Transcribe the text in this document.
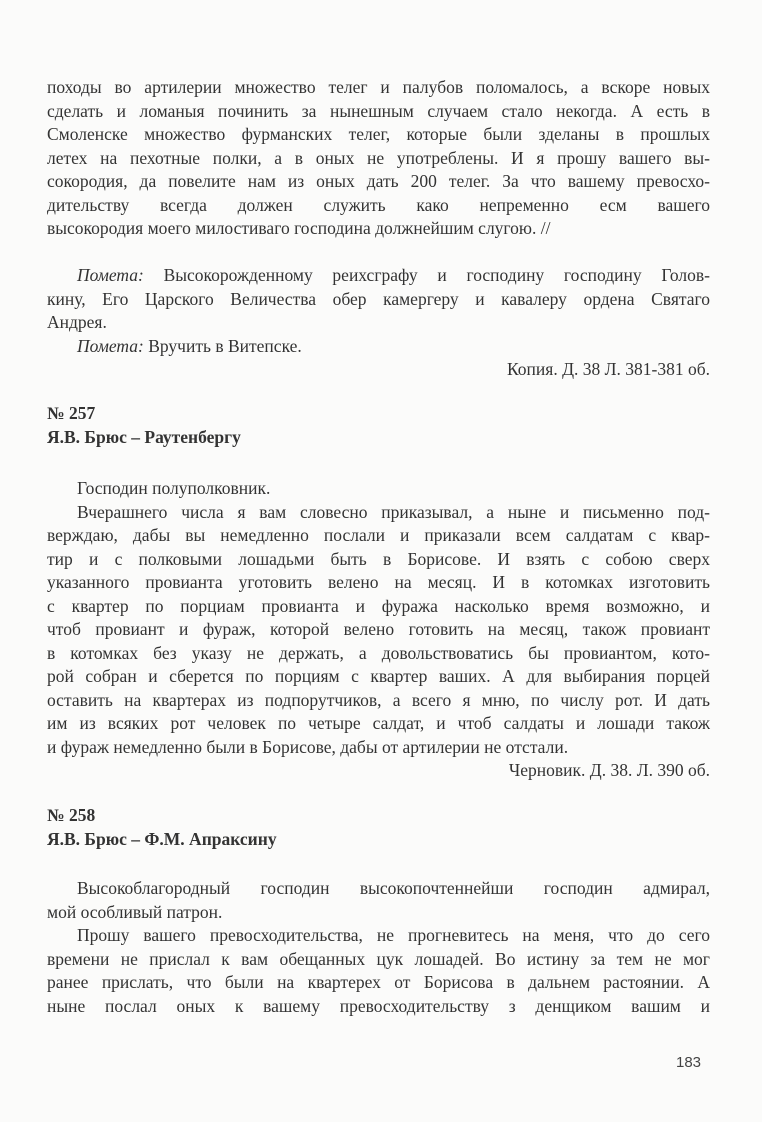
походы во артилерии множество телег и палубов поломалось, а вскоре новых
сделать и ломаныя починить за нынешным случаем стало некогда. А есть в
Смоленске множество фурманских телег, которые были зделаны в прошлых
летех на пехотные полки, а в оных не употреблены. И я прошу вашего вы-
сокородия, да повелите нам из оных дать 200 телег. За что вашему превосхо-
дительству всегда должен служить како непременно есм вашего
высокородия моего милостиваго господина должнейшим слугою. //
Помета: Высокорожденному реихсграфу и господину господину Голов-
кину, Его Царского Величества обер камергеру и кавалеру ордена Святаго
Андрея.
Помета: Вручить в Витепске.
Копия. Д. 38 Л. 381-381 об.
№ 257
Я.В. Брюс – Раутенбергу
Господин полуполковник.
Вчерашнего числа я вам словесно приказывал, а ныне и письменно под-
верждаю, дабы вы немедленно послали и приказали всем салдатам с квар-
тир и с полковыми лошадьми быть в Борисове. И взять с собою сверх
указанного провианта уготовить велено на месяц. И в котомках изготовить
с квартер по порциам провианта и фуража насколько время возможно, и
чтоб провиант и фураж, которой велено готовить на месяц, також провиант
в котомках без указу не держать, а довольствоватись бы провиантом, кото-
рой собран и сберется по порциям с квартер ваших. А для выбирания порцей
оставить на квартерах из подпорутчиков, а всего я мню, по числу рот. И дать
им из всяких рот человек по четыре салдат, и чтоб салдаты и лошади також
и фураж немедленно были в Борисове, дабы от артилерии не отстали.
Черновик. Д. 38. Л. 390 об.
№ 258
Я.В. Брюс – Ф.М. Апраксину
Высокоблагородный господин высокопочтеннейши господин адмирал,
мой особливый патрон.
Прошу вашего превосходительства, не прогневитесь на меня, что до сего
времени не прислал к вам обещанных цук лошадей. Во истину за тем не мог
ранее прислать, что были на квартерех от Борисова в дальнем растоянии. А
ныне послал оных к вашему превосходительству з денщиком вашим и
183
